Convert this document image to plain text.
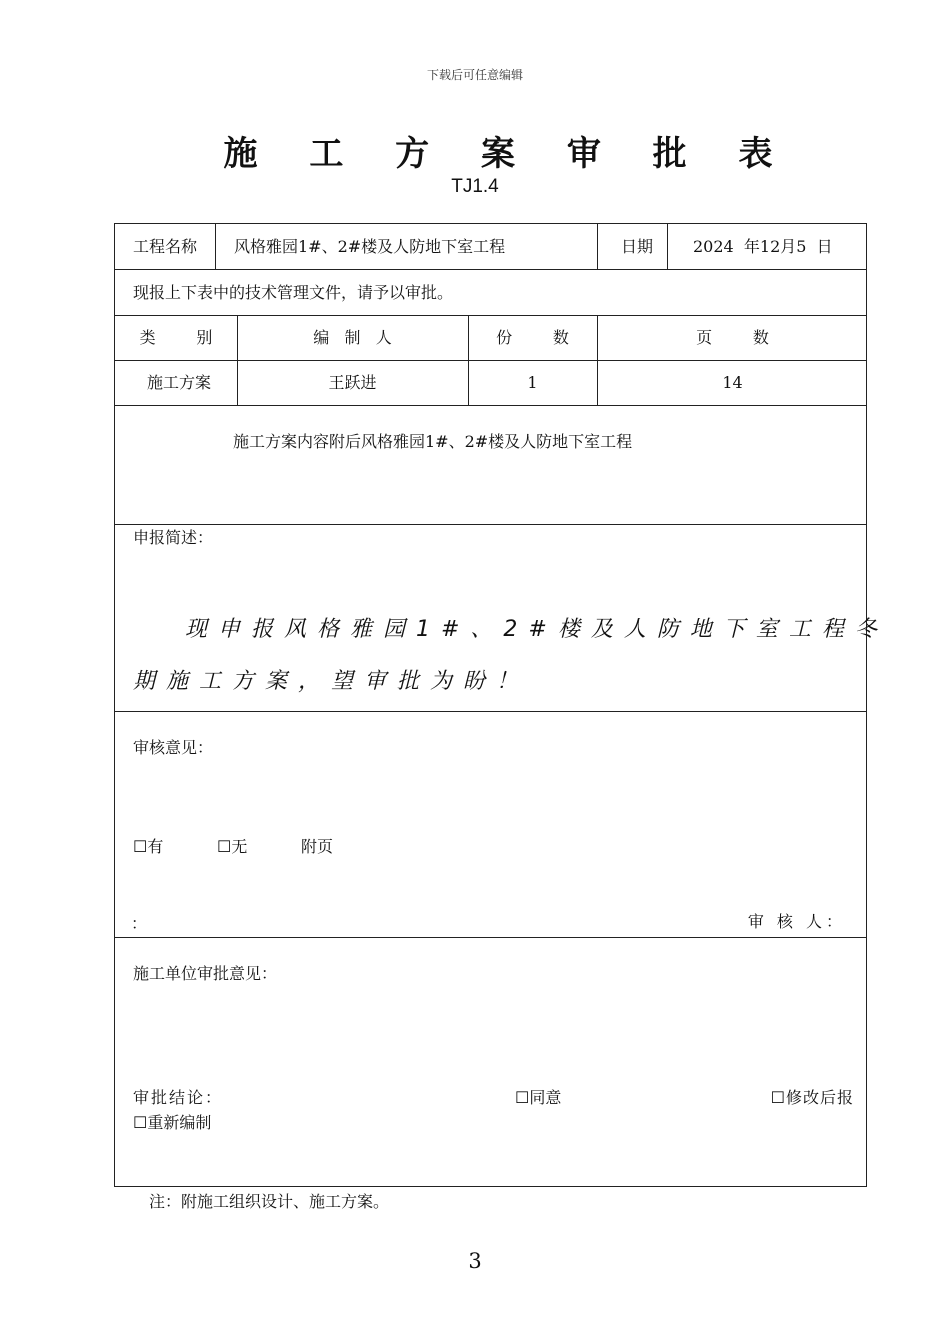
下载后可任意编辑
施 工 方 案 审 批 表
TJ1.4
工程名称 风格雅园1#、2#楼及人防地下室工程	日期 2024  年12月5  日
现报上下表中的技术管理文件，请予以审批。
类        别	编   制   人	份        数	页        数
施工方案	王跃进	1	14
施工方案内容附后风格雅园1#、2#楼及人防地下室工程
申报简述：
现申报风格雅园1#、2#楼及人防地下室工程冬
期施工方案，望审批为盼！
审核意见：
☐有	☐无	附页
：	审 核 人：
施工单位审批意见：
审批结论：	☐同意	☐修改后报
☐重新编制
注：附施工组织设计、施工方案。
3
